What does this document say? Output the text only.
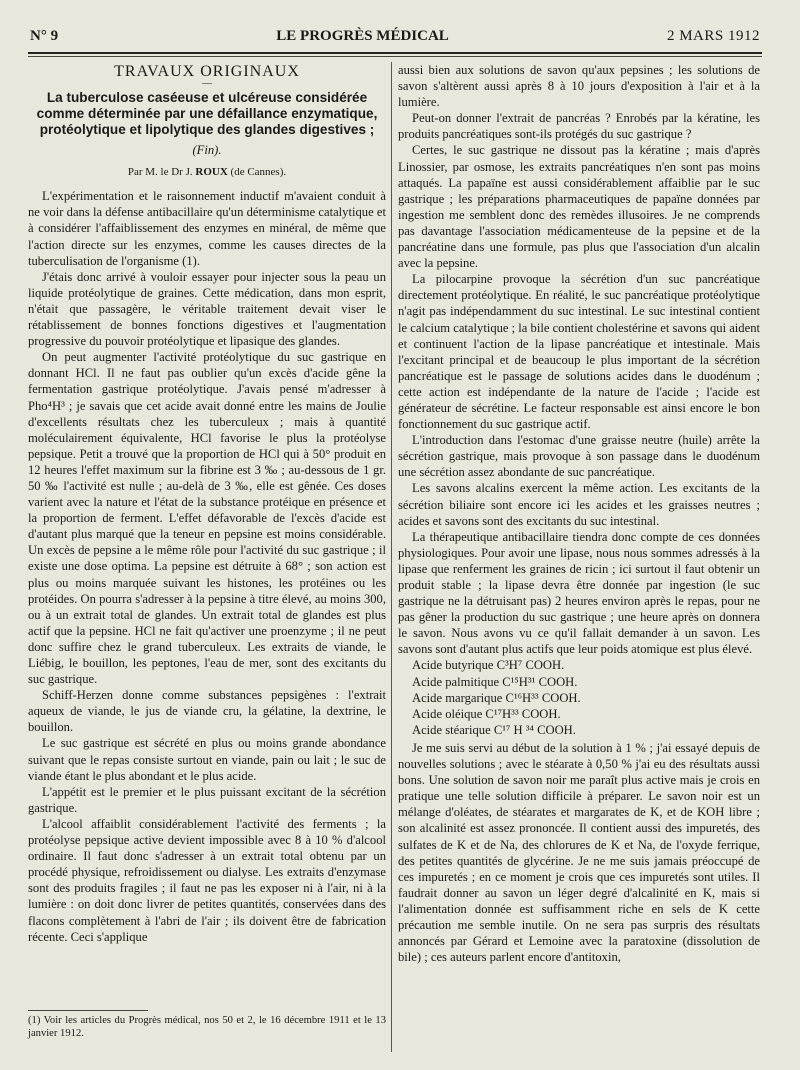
N° 9	LE PROGRÈS MÉDICAL	2 MARS 1912
TRAVAUX ORIGINAUX
—
La tuberculose caséeuse et ulcéreuse considérée comme déterminée par une défaillance enzymatique, protéolytique et lipolytique des glandes digestives ;
(Fin).
Par M. le Dr J. ROUX (de Cannes).

L'expérimentation et le raisonnement inductif m'avaient conduit à ne voir dans la défense antibacillaire qu'un déterminisme catalytique et à considérer l'affaiblissement des enzymes en minéral, de même que l'action directe sur les enzymes, comme les causes directes de la tuberculisation de l'organisme (1).

J'étais donc arrivé à vouloir essayer pour injecter sous la peau un liquide protéolytique de graines. Cette médication, dans mon esprit, n'était que passagère, le véritable traitement devait viser le rétablissement de bonnes fonctions digestives et l'augmentation progressive du pouvoir protéolytique et lipasique des glandes.

On peut augmenter l'activité protéolytique du suc gastrique en donnant HCl. Il ne faut pas oublier qu'un excès d'acide gêne la fermentation gastrique protéolytique. J'avais pensé m'adresser à Pho⁴H³ ; je savais que cet acide avait donné entre les mains de Joulie d'excellents résultats chez les tuberculeux ; mais à quantité moléculairement équivalente, HCl favorise le plus la protéolyse pepsique. Petit a trouvé que la proportion de HCl qui à 50° produit en 12 heures l'effet maximum sur la fibrine est 3 ‰ ; au-dessous de 1 gr. 50 ‰ l'activité est nulle ; au-delà de 3 ‰, elle est gênée. Ces doses varient avec la nature et l'état de la substance protéique en présence et la proportion de ferment. L'effet défavorable de l'excès d'acide est d'autant plus marqué que la teneur en pepsine est moins considérable. Un excès de pepsine a le même rôle pour l'activité du suc gastrique ; il existe une dose optima. La pepsine est détruite à 68° ; son action est plus ou moins marquée suivant les histones, les protéines ou les protéides. On pourra s'adresser à la pepsine à titre élevé, au moins 300, ou à un extrait total de glandes. Un extrait total de glandes est plus actif que la pepsine. HCl ne fait qu'activer une proenzyme ; il ne peut donc suffire chez le grand tuberculeux. Les extraits de viande, le Liébig, le bouillon, les peptones, l'eau de mer, sont des excitants du suc gastrique.

Schiff-Herzen donne comme substances pepsigènes : l'extrait aqueux de viande, le jus de viande cru, la gélatine, la dextrine, le bouillon.

Le suc gastrique est sécrété en plus ou moins grande abondance suivant que le repas consiste surtout en viande, pain ou lait ; le suc de viande étant le plus abondant et le plus acide.

L'appétit est le premier et le plus puissant excitant de la sécrétion gastrique.

L'alcool affaiblit considérablement l'activité des ferments ; la protéolyse pepsique active devient impossible avec 8 à 10 % d'alcool ordinaire. Il faut donc s'adresser à un extrait total obtenu par un procédé physique, refroidissement ou dialyse. Les extraits d'enzymase sont des produits fragiles ; il faut ne pas les exposer ni à l'air, ni à la lumière : on doit donc livrer de petites quantités, conservées dans des flacons complètement à l'abri de l'air ; ils doivent être de fabrication récente. Ceci s'applique

(1) Voir les articles du Progrès médical, nos 50 et 2, le 16 décembre 1911 et le 13 janvier 1912.

aussi bien aux solutions de savon qu'aux pepsines ; les solutions de savon s'altèrent aussi après 8 à 10 jours d'exposition à l'air et à la lumière.

Peut-on donner l'extrait de pancréas ? Enrobés par la kératine, les produits pancréatiques sont-ils protégés du suc gastrique ?

Certes, le suc gastrique ne dissout pas la kératine ; mais d'après Linossier, par osmose, les extraits pancréatiques n'en sont pas moins attaqués. La papaïne est aussi considérablement affaiblie par le suc gastrique ; les préparations pharmaceutiques de papaïne données par ingestion me semblent donc des remèdes illusoires. Je ne comprends pas davantage l'association médicamenteuse de la pepsine et de la pancréatine dans une formule, pas plus que l'association d'un alcalin avec la pepsine.

La pilocarpine provoque la sécrétion d'un suc pancréatique directement protéolytique. En réalité, le suc pancréatique protéolytique n'agit pas indépendamment du suc intestinal. Le suc intestinal contient le calcium catalytique ; la bile contient cholestérine et savons qui aident et continuent l'action de la lipase pancréatique et intestinale. Mais l'excitant principal et de beaucoup le plus important de la sécrétion pancréatique est le passage de solutions acides dans le duodénum ; cette action est indépendante de la nature de l'acide ; l'acide est générateur de sécrétine. Le facteur responsable est ainsi encore le bon fonctionnement du suc gastrique actif.

L'introduction dans l'estomac d'une graisse neutre (huile) arrête la sécrétion gastrique, mais provoque à son passage dans le duodénum une sécrétion assez abondante de suc pancréatique.

Les savons alcalins exercent la même action. Les excitants de la sécrétion biliaire sont encore ici les acides et les graisses neutres ; acides et savons sont des excitants du suc intestinal.

La thérapeutique antibacillaire tiendra donc compte de ces données physiologiques. Pour avoir une lipase, nous nous sommes adressés à la lipase que renferment les graines de ricin ; ici surtout il faut obtenir un produit stable ; la lipase devra être donnée par ingestion (le suc gastrique ne la détruisant pas) 2 heures environ après le repas, pour ne pas gêner la production du suc gastrique ; une heure après on donnera le savon. Nous avons vu ce qu'il fallait demander à un savon. Les savons sont d'autant plus actifs que leur poids atomique est plus élevé.

Acide butyrique C³H⁷ COOH.
Acide palmitique C¹⁵H³¹ COOH.
Acide margarique C¹⁶H³³ COOH.
Acide oléique C¹⁷H³³ COOH.
Acide stéarique C¹⁷ H ³⁴ COOH.

Je me suis servi au début de la solution à 1 % ; j'ai essayé depuis de nouvelles solutions ; avec le stéarate à 0,50 % j'ai eu des résultats aussi bons. Une solution de savon noir me paraît plus active mais je crois en pratique une telle solution difficile à préparer. Le savon noir est un mélange d'oléates, de stéarates et margarates de K, et de KOH libre ; son alcalinité est assez prononcée. Il contient aussi des impuretés, des sulfates de K et de Na, des chlorures de K et Na, de l'oxyde ferrique, des petites quantités de glycérine. Je ne me suis jamais préoccupé de ces impuretés ; en ce moment je crois que ces impuretés sont utiles. Il faudrait donner au savon un léger degré d'alcalinité en K, mais si l'alimentation donnée est suffisamment riche en sels de K cette précaution me semble inutile. On ne sera pas surpris des résultats annoncés par Gérard et Lemoine avec la paratoxine (dissolution de bile) ; ces auteurs parlent encore d'antitoxin,
